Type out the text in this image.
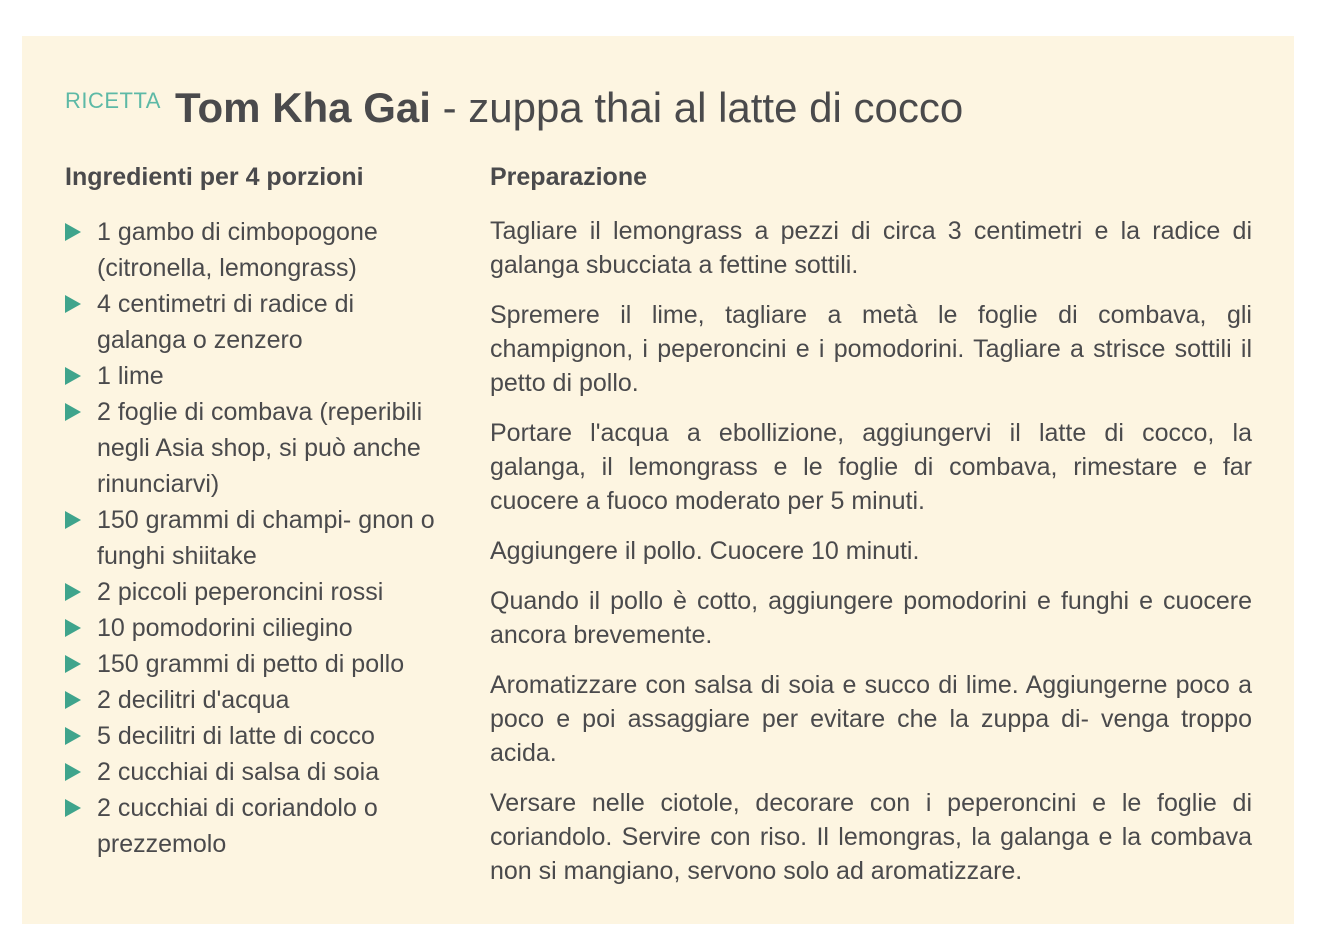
RICETTA Tom Kha Gai - zuppa thai al latte di cocco
Ingredienti per 4 porzioni
1 gambo di cimbopogone (citronella, lemongrass)
4 centimetri di radice di galanga o zenzero
1 lime
2 foglie di combava (reperibili negli Asia shop, si può anche rinunciarvi)
150 grammi di champi- gnon o funghi shiitake
2 piccoli peperoncini rossi
10 pomodorini ciliegino
150 grammi di petto di pollo
2 decilitri d'acqua
5 decilitri di latte di cocco
2 cucchiai di salsa di soia
2 cucchiai di coriandolo o prezzemolo
Preparazione

Tagliare il lemongrass a pezzi di circa 3 centimetri e la radice di galanga sbucciata a fettine sottili.

Spremere il lime, tagliare a metà le foglie di combava, gli champignon, i peperoncini e i pomodorini. Tagliare a strisce sottili il petto di pollo.

Portare l'acqua a ebollizione, aggiungervi il latte di cocco, la galanga, il lemongrass e le foglie di combava, rimestare e far cuocere a fuoco moderato per 5 minuti.

Aggiungere il pollo. Cuocere 10 minuti.

Quando il pollo è cotto, aggiungere pomodorini e funghi e cuocere ancora brevemente.

Aromatizzare con salsa di soia e succo di lime. Aggiungerne poco a poco e poi assaggiare per evitare che la zuppa di- venga troppo acida.

Versare nelle ciotole, decorare con i peperoncini e le foglie di coriandolo. Servire con riso. Il lemongras, la galanga e la combava non si mangiano, servono solo ad aromatizzare.
